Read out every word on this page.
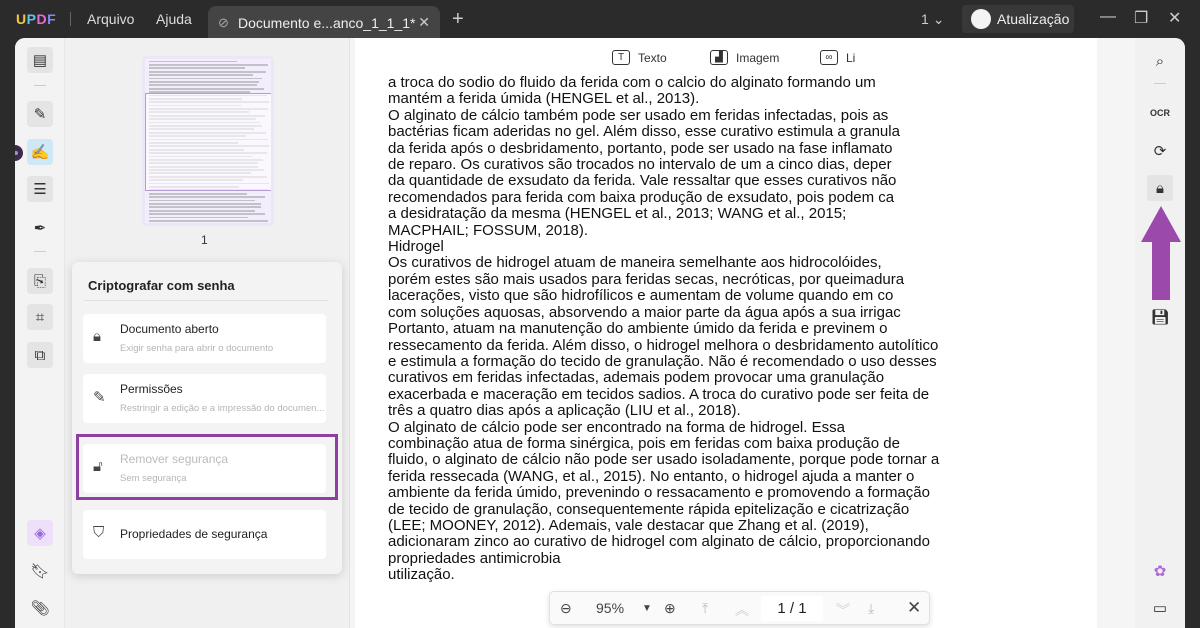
UPDF Arquivo Ajuda ⊘ Documento e...anco_1_1_1* ✕ +	1 ⌄	Atualização — ❐ ✕
▤
✎
✍
☰
✒
⎘
⌗
⧉
◈
🔖︎
📎︎
1
a troca do sodio do fluido da ferida com o calcio do alginato formando um
mantém a ferida úmida (HENGEL et al., 2013).
O alginato de cálcio também pode ser usado em feridas infectadas, pois as
bactérias ficam aderidas no gel. Além disso, esse curativo estimula a granula
da ferida após o desbridamento, portanto, pode ser usado na fase inflamato
de reparo. Os curativos são trocados no intervalo de um a cinco dias, deper
da quantidade de exsudato da ferida. Vale ressaltar que esses curativos não
recomendados para ferida com baixa produção de exsudato, pois podem ca
a desidratação da mesma (HENGEL et al., 2013; WANG et al., 2015;
MACPHAIL; FOSSUM, 2018).
Hidrogel
Os curativos de hidrogel atuam de maneira semelhante aos hidrocolóides,
porém estes são mais usados para feridas secas, necróticas, por queimadura
lacerações, visto que são hidrofílicos e aumentam de volume quando em co
com soluções aquosas, absorvendo a maior parte da água após a sua irrigac
Portanto, atuam na manutenção do ambiente úmido da ferida e previnem o
ressecamento da ferida. Além disso, o hidrogel melhora o desbridamento autolítico
e estimula a formação do tecido de granulação. Não é recomendado o uso desses
curativos em feridas infectadas, ademais podem provocar uma granulação
exacerbada e maceração em tecidos sadios. A troca do curativo pode ser feita de
três a quatro dias após a aplicação (LIU et al., 2018).
O alginato de cálcio pode ser encontrado na forma de hidrogel. Essa
combinação atua de forma sinérgica, pois em feridas com baixa produção de
fluido, o alginato de cálcio não pode ser usado isoladamente, porque pode tornar a
ferida ressecada (WANG, et al., 2015). No entanto, o hidrogel ajuda a manter o
ambiente da ferida úmido, prevenindo o ressacamento e promovendo a formação
de tecido de granulação, consequentemente rápida epitelização e cicatrização
(LEE; MOONEY, 2012). Ademais, vale destacar que Zhang et al. (2019),
adicionaram zinco ao curativo de hidrogel com alginato de cálcio, proporcionando
propriedades antimicrobia
utilização.
T	Texto	▟	Imagem	∞	Li
⊖ 95% ▼ ⊕ ⤒ ︽	1 / 1	︾ ⤓ ✕
⌕
OCR
⟳
🔒︎
💾︎
✿
▭
Criptografar com senha
🔒︎ Documento aberto
Exigir senha para abrir o documento
✎ Permissões
Restringir a edição e a impressão do documen...
🔓︎ Remover segurança
Sem segurança
⛉ Propriedades de segurança
